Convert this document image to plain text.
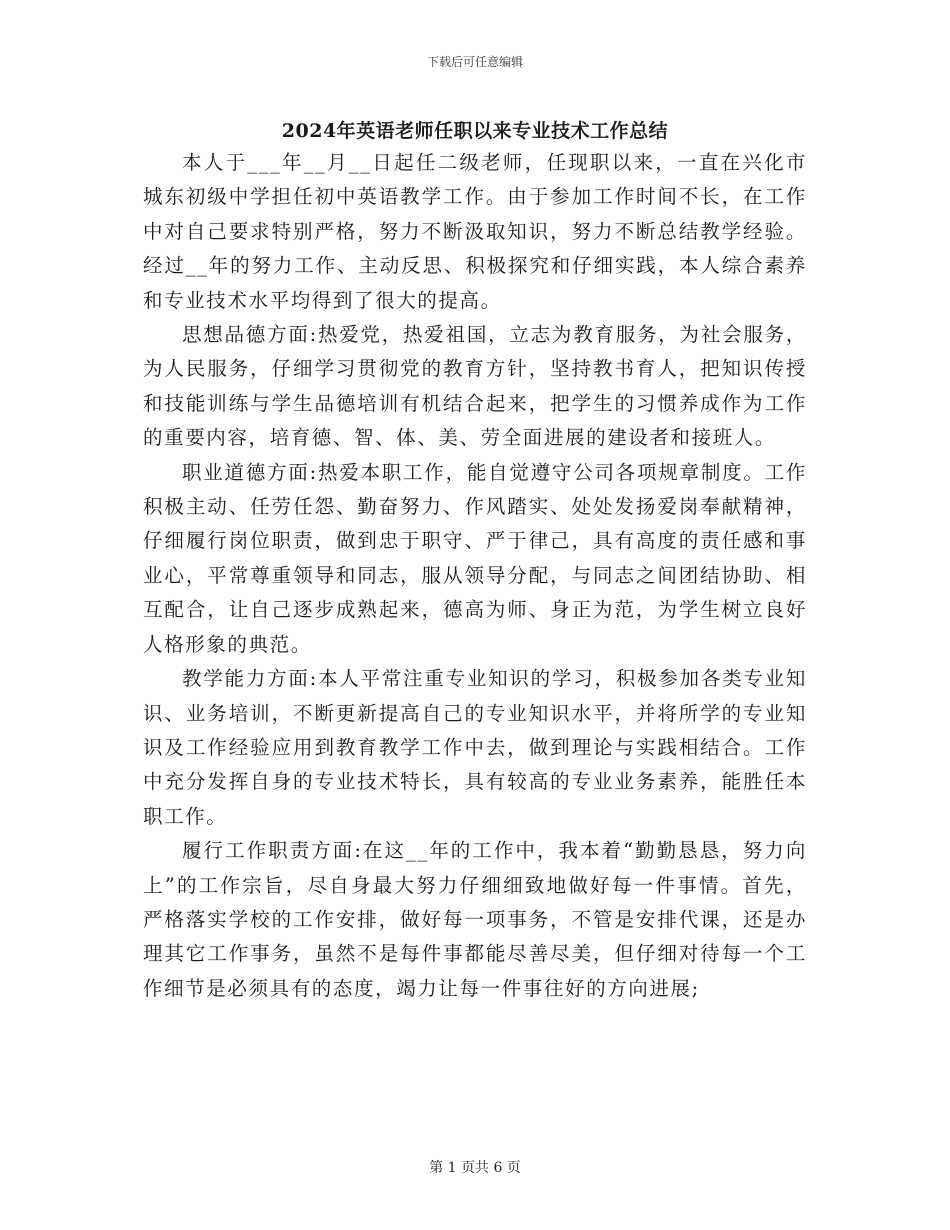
下载后可任意编辑
2024年英语老师任职以来专业技术工作总结

本人于___年__月__日起任二级老师，任现职以来，一直在兴化市城东初级中学担任初中英语教学工作。由于参加工作时间不长，在工作中对自己要求特别严格，努力不断汲取知识，努力不断总结教学经验。经过__年的努力工作、主动反思、积极探究和仔细实践，本人综合素养和专业技术水平均得到了很大的提高。

思想品德方面:热爱党，热爱祖国，立志为教育服务，为社会服务，为人民服务，仔细学习贯彻党的教育方针，坚持教书育人，把知识传授和技能训练与学生品德培训有机结合起来，把学生的习惯养成作为工作的重要内容，培育德、智、体、美、劳全面进展的建设者和接班人。

职业道德方面:热爱本职工作，能自觉遵守公司各项规章制度。工作积极主动、任劳任怨、勤奋努力、作风踏实、处处发扬爱岗奉献精神，仔细履行岗位职责，做到忠于职守、严于律己，具有高度的责任感和事业心，平常尊重领导和同志，服从领导分配，与同志之间团结协助、相互配合，让自己逐步成熟起来，德高为师、身正为范，为学生树立良好人格形象的典范。

教学能力方面:本人平常注重专业知识的学习，积极参加各类专业知识、业务培训，不断更新提高自己的专业知识水平，并将所学的专业知识及工作经验应用到教育教学工作中去，做到理论与实践相结合。工作中充分发挥自身的专业技术特长，具有较高的专业业务素养，能胜任本职工作。

履行工作职责方面:在这__年的工作中，我本着“勤勤恳恳，努力向上”的工作宗旨，尽自身最大努力仔细细致地做好每一件事情。首先，严格落实学校的工作安排，做好每一项事务，不管是安排代课，还是办理其它工作事务，虽然不是每件事都能尽善尽美，但仔细对待每一个工作细节是必须具有的态度，竭力让每一件事往好的方向进展;

第 1 页共 6 页
